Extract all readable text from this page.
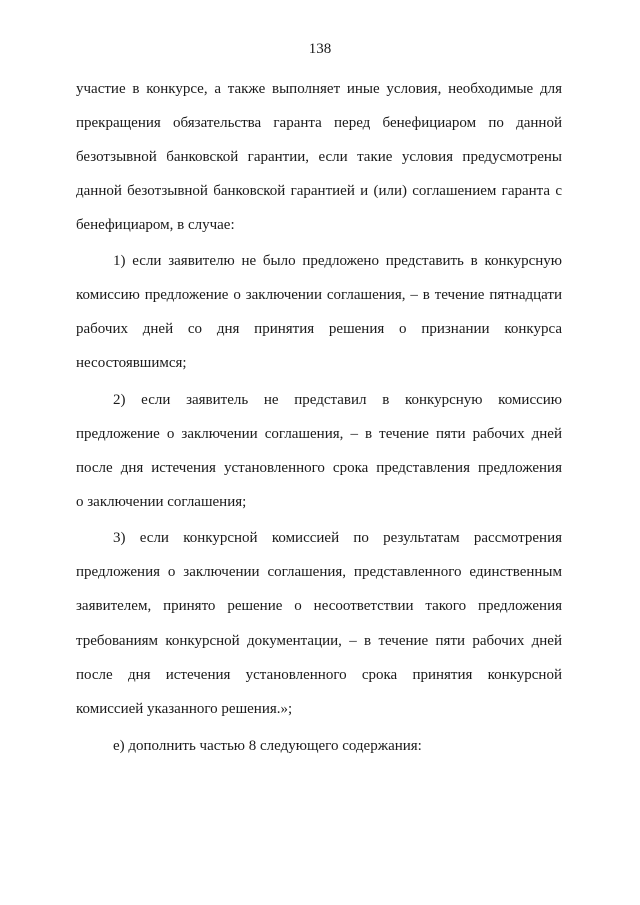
138
участие в конкурсе, а также выполняет иные условия, необходимые для
прекращения обязательства гаранта перед бенефициаром по данной
безотзывной банковской гарантии, если такие условия предусмотрены
данной безотзывной банковской гарантией и (или) соглашением гаранта с
бенефициаром, в случае:
1) если заявителю не было предложено представить в конкурсную
комиссию предложение о заключении соглашения, – в течение пятнадцати
рабочих дней со дня принятия решения о признании конкурса
несостоявшимся;
2) если заявитель не представил в конкурсную комиссию
предложение о заключении соглашения, – в течение пяти рабочих дней
после дня истечения установленного срока представления предложения
о заключении соглашения;
3) если конкурсной комиссией по результатам рассмотрения
предложения о заключении соглашения, представленного единственным
заявителем, принято решение о несоответствии такого предложения
требованиям конкурсной документации, – в течение пяти рабочих дней
после дня истечения установленного срока принятия конкурсной
комиссией указанного решения.»;
е) дополнить частью 8 следующего содержания:
